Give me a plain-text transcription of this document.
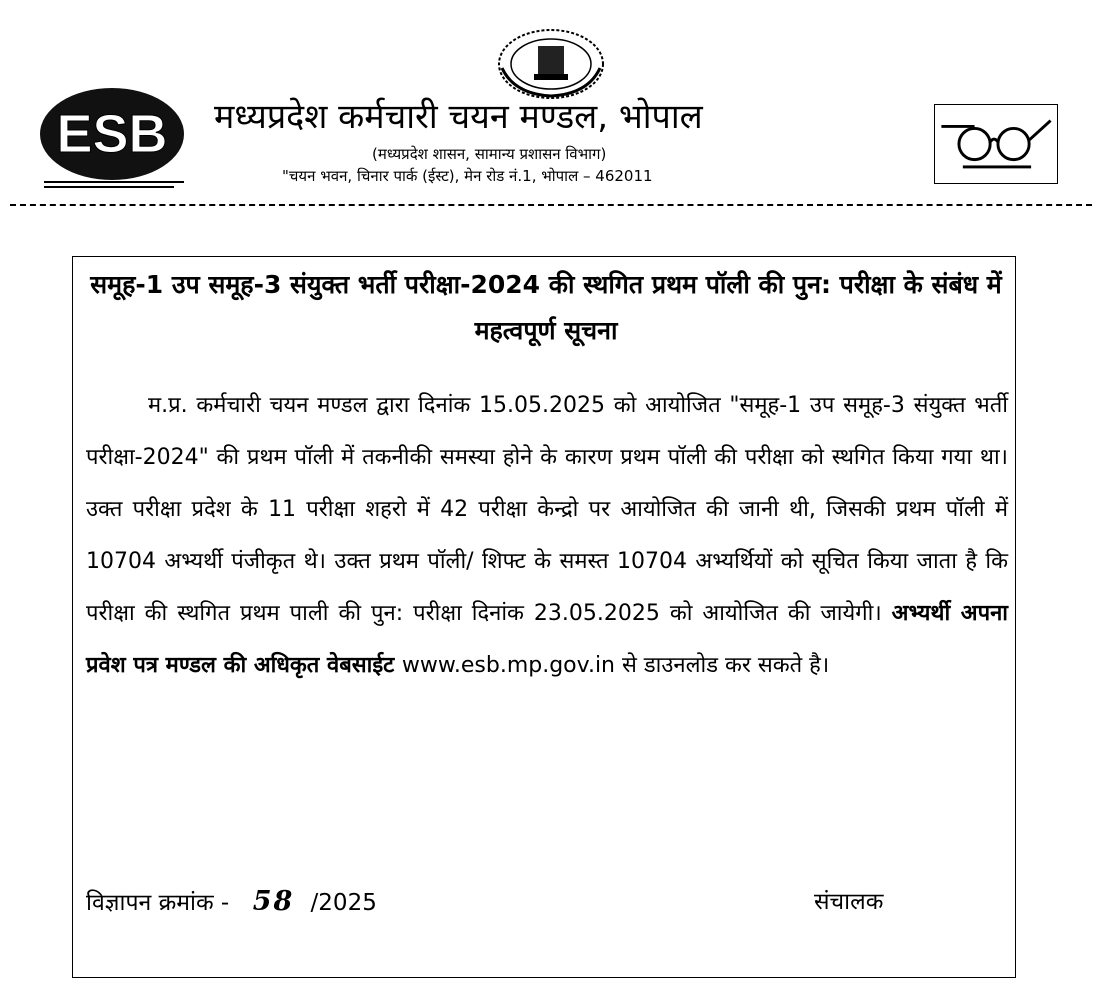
ESB मध्यप्रदेश कर्मचारी चयन मण्डल, भोपाल
(मध्यप्रदेश शासन, सामान्य प्रशासन विभाग)
"चयन भवन, चिनार पार्क (ईस्ट), मेन रोड नं.1, भोपाल – 462011
समूह-1 उप समूह-3 संयुक्त भर्ती परीक्षा-2024 की स्थगित प्रथम पॉली की पुन: परीक्षा के संबंध में महत्वपूर्ण सूचना
म.प्र. कर्मचारी चयन मण्डल द्वारा दिनांक 15.05.2025 को आयोजित "समूह-1 उप समूह-3 संयुक्त भर्ती परीक्षा-2024" की प्रथम पॉली में तकनीकी समस्या होने के कारण प्रथम पॉली की परीक्षा को स्थगित किया गया था। उक्त परीक्षा प्रदेश के 11 परीक्षा शहरो में 42 परीक्षा केन्द्रो पर आयोजित की जानी थी, जिसकी प्रथम पॉली में 10704 अभ्यर्थी पंजीकृत थे। उक्त प्रथम पॉली/ शिफ्ट के समस्त 10704 अभ्यर्थियों को सूचित किया जाता है कि परीक्षा की स्थगित प्रथम पाली की पुन: परीक्षा दिनांक 23.05.2025 को आयोजित की जायेगी। अभ्यर्थी अपना प्रवेश पत्र मण्डल की अधिकृत वेबसाईट www.esb.mp.gov.in से डाउनलोड कर सकते है।
विज्ञापन क्रमांक - 58 /2025	संचालक
